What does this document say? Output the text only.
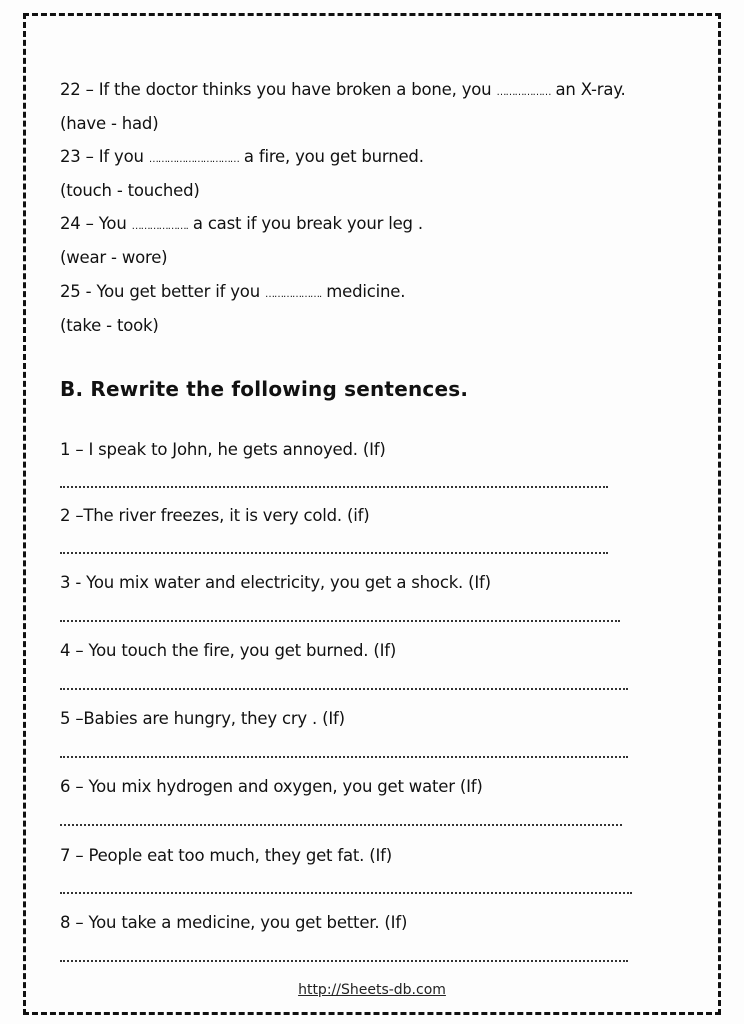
22 – If the doctor thinks you have broken a bone, you ……………… an X-ray.
(have - had)
23 – If you ………………………… a fire, you get burned.
(touch - touched)
24 – You ………………. a cast if you break your leg .
(wear - wore)
25 - You get better if you ………………. medicine.
(take - took)
B. Rewrite the following sentences.
1 – I speak to John, he gets annoyed. (If)
2 –The river freezes, it is very cold. (if)
3 - You mix water and electricity, you get a shock. (If)
4 – You touch the fire, you get burned. (If)
5 –Babies are hungry, they cry . (If)
6 – You mix hydrogen and oxygen, you get water (If)
7 – People eat too much, they get fat. (If)
8 – You take a medicine, you get better. (If)
http://Sheets-db.com
